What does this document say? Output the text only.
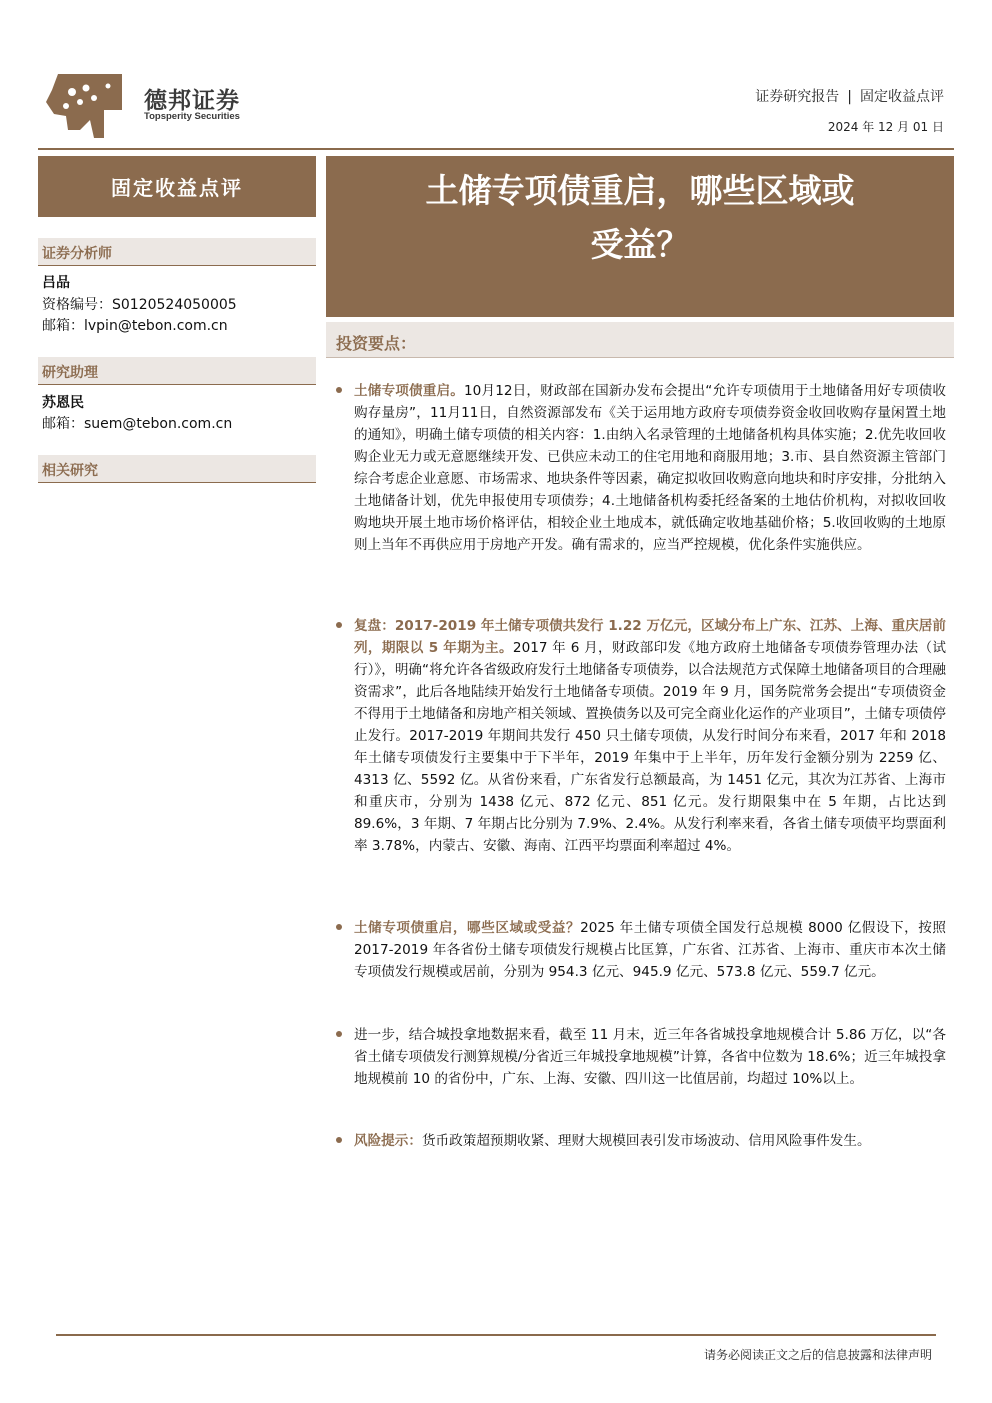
德邦证券
Topsperity Securities
证券研究报告 | 固定收益点评
2024 年 12 月 01 日
固定收益点评
证券分析师
吕品
资格编号：S0120524050005
邮箱：lvpin@tebon.com.cn
研究助理
苏恩民
邮箱：suem@tebon.com.cn
相关研究
土储专项债重启，哪些区域或
受益？
投资要点：
土储专项债重启。10月12日，财政部在国新办发布会提出“允许专项债用于土地储备用好专项债收购存量房”，11月11日，自然资源部发布《关于运用地方政府专项债券资金收回收购存量闲置土地的通知》，明确土储专项债的相关内容：1.由纳入名录管理的土地储备机构具体实施；2.优先收回收购企业无力或无意愿继续开发、已供应未动工的住宅用地和商服用地；3.市、县自然资源主管部门综合考虑企业意愿、市场需求、地块条件等因素，确定拟收回收购意向地块和时序安排，分批纳入土地储备计划，优先申报使用专项债券；4.土地储备机构委托经备案的土地估价机构，对拟收回收购地块开展土地市场价格评估，相较企业土地成本，就低确定收地基础价格；5.收回收购的土地原则上当年不再供应用于房地产开发。确有需求的，应当严控规模，优化条件实施供应。
复盘：2017-2019 年土储专项债共发行 1.22 万亿元，区域分布上广东、江苏、上海、重庆居前列，期限以 5 年期为主。2017 年 6 月，财政部印发《地方政府土地储备专项债券管理办法（试行）》，明确“将允许各省级政府发行土地储备专项债券，以合法规范方式保障土地储备项目的合理融资需求”，此后各地陆续开始发行土地储备专项债。2019 年 9 月，国务院常务会提出“专项债资金不得用于土地储备和房地产相关领域、置换债务以及可完全商业化运作的产业项目”，土储专项债停止发行。2017-2019 年期间共发行 450 只土储专项债，从发行时间分布来看，2017 年和 2018 年土储专项债发行主要集中于下半年，2019 年集中于上半年，历年发行金额分别为 2259 亿、4313 亿、5592 亿。从省份来看，广东省发行总额最高，为 1451 亿元，其次为江苏省、上海市和重庆市，分别为 1438 亿元、872 亿元、851 亿元。发行期限集中在 5 年期，占比达到 89.6%，3 年期、7 年期占比分别为 7.9%、2.4%。从发行利率来看，各省土储专项债平均票面利率 3.78%，内蒙古、安徽、海南、江西平均票面利率超过 4%。
土储专项债重启，哪些区域或受益？2025 年土储专项债全国发行总规模 8000 亿假设下，按照 2017-2019 年各省份土储专项债发行规模占比匡算，广东省、江苏省、上海市、重庆市本次土储专项债发行规模或居前，分别为 954.3 亿元、945.9 亿元、573.8 亿元、559.7 亿元。
进一步，结合城投拿地数据来看，截至 11 月末，近三年各省城投拿地规模合计 5.86 万亿，以“各省土储专项债发行测算规模/分省近三年城投拿地规模”计算，各省中位数为 18.6%；近三年城投拿地规模前 10 的省份中，广东、上海、安徽、四川这一比值居前，均超过 10%以上。
风险提示：货币政策超预期收紧、理财大规模回表引发市场波动、信用风险事件发生。
请务必阅读正文之后的信息披露和法律声明
